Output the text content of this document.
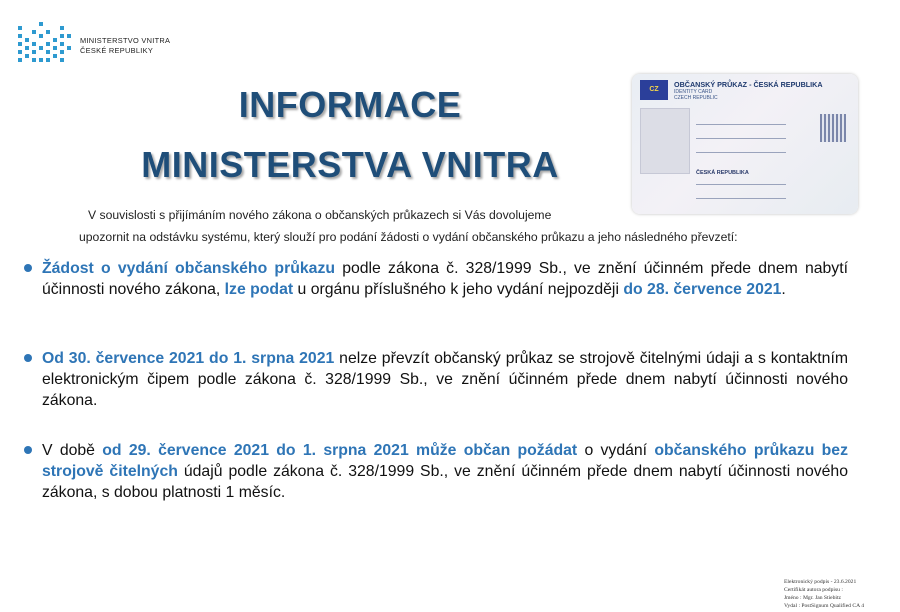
MINISTERSTVO VNITRA
ČESKÉ REPUBLIKY
INFORMACE
MINISTERSTVA VNITRA
CZ
OBČANSKÝ PRŮKAZ - ČESKÁ REPUBLIKA
IDENTITY CARD
CZECH REPUBLIC
ČESKÁ REPUBLIKA
V souvislosti s přijímáním nového zákona o občanských průkazech si Vás dovolujeme
upozornit na odstávku systému, který slouží pro podání žádosti o vydání občanského průkazu a jeho následného převzetí:
Žádost o vydání občanského průkazu podle zákona č. 328/1999 Sb., ve znění účinném přede dnem nabytí účinnosti nového zákona, lze podat u orgánu příslušného k jeho vydání nejpozději do 28. července 2021.
Od 30. července 2021 do 1. srpna 2021 nelze převzít občanský průkaz se strojově čitelnými údaji a s kontaktním elektronickým čipem podle zákona č. 328/1999 Sb., ve znění účinném přede dnem nabytí účinnosti nového zákona.
V době od 29. července 2021 do 1. srpna 2021 může občan požádat o vydání občanského průkazu bez strojově čitelných údajů podle zákona č. 328/1999 Sb., ve znění účinném přede dnem nabytí účinnosti nového zákona, s dobou platnosti 1 měsíc.
Elektronický podpis - 23.6.2021
Certifikát autora podpisu :
Jméno : Mgr. Jan Stiebitz
Vydal : PostSignum Qualified CA 4
